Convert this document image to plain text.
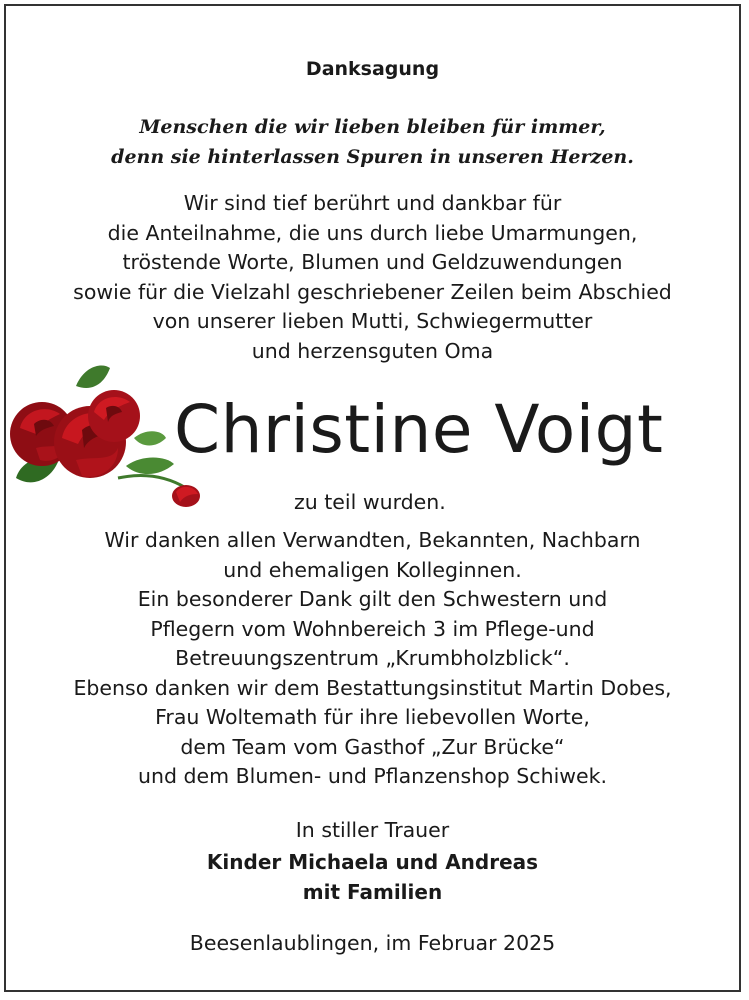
Danksagung
Menschen die wir lieben bleiben für immer,
denn sie hinterlassen Spuren in unseren Herzen.
Wir sind tief berührt und dankbar für
die Anteilnahme, die uns durch liebe Umarmungen,
tröstende Worte, Blumen und Geldzuwendungen
sowie für die Vielzahl geschriebener Zeilen beim Abschied
von unserer lieben Mutti, Schwiegermutter
und herzensguten Oma
Christine Voigt
zu teil wurden.
Wir danken allen Verwandten, Bekannten, Nachbarn
und ehemaligen Kolleginnen.
Ein besonderer Dank gilt den Schwestern und
Pflegern vom Wohnbereich 3 im Pflege-und
Betreuungszentrum „Krumbholzblick“.
Ebenso danken wir dem Bestattungsinstitut Martin Dobes,
Frau Woltemath für ihre liebevollen Worte,
dem Team vom Gasthof „Zur Brücke“
und dem Blumen- und Pflanzenshop Schiwek.
In stiller Trauer
Kinder Michaela und Andreas
mit Familien
Beesenlaublingen, im Februar 2025
